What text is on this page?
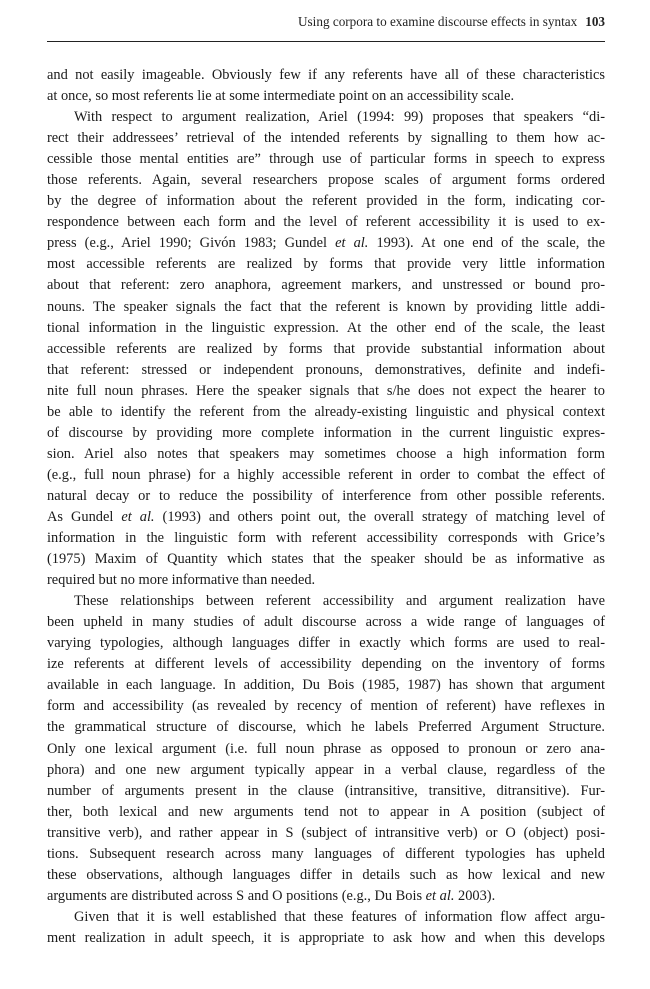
Using corpora to examine discourse effects in syntax 103
and not easily imageable. Obviously few if any referents have all of these characteristics
at once, so most referents lie at some intermediate point on an accessibility scale.
With respect to argument realization, Ariel (1994: 99) proposes that speakers “di-
rect their addressees’ retrieval of the intended referents by signalling to them how ac-
cessible those mental entities are” through use of particular forms in speech to express
those referents. Again, several researchers propose scales of argument forms ordered
by the degree of information about the referent provided in the form, indicating cor-
respondence between each form and the level of referent accessibility it is used to ex-
press (e.g., Ariel 1990; Givón 1983; Gundel et al. 1993). At one end of the scale, the
most accessible referents are realized by forms that provide very little information
about that referent: zero anaphora, agreement markers, and unstressed or bound pro-
nouns. The speaker signals the fact that the referent is known by providing little addi-
tional information in the linguistic expression. At the other end of the scale, the least
accessible referents are realized by forms that provide substantial information about
that referent: stressed or independent pronouns, demonstratives, definite and indefi-
nite full noun phrases. Here the speaker signals that s/he does not expect the hearer to
be able to identify the referent from the already-existing linguistic and physical context
of discourse by providing more complete information in the current linguistic expres-
sion. Ariel also notes that speakers may sometimes choose a high information form
(e.g., full noun phrase) for a highly accessible referent in order to combat the effect of
natural decay or to reduce the possibility of interference from other possible referents.
As Gundel et al. (1993) and others point out, the overall strategy of matching level of
information in the linguistic form with referent accessibility corresponds with Grice’s
(1975) Maxim of Quantity which states that the speaker should be as informative as
required but no more informative than needed.
These relationships between referent accessibility and argument realization have
been upheld in many studies of adult discourse across a wide range of languages of
varying typologies, although languages differ in exactly which forms are used to real-
ize referents at different levels of accessibility depending on the inventory of forms
available in each language. In addition, Du Bois (1985, 1987) has shown that argument
form and accessibility (as revealed by recency of mention of referent) have reflexes in
the grammatical structure of discourse, which he labels Preferred Argument Structure.
Only one lexical argument (i.e. full noun phrase as opposed to pronoun or zero ana-
phora) and one new argument typically appear in a verbal clause, regardless of the
number of arguments present in the clause (intransitive, transitive, ditransitive). Fur-
ther, both lexical and new arguments tend not to appear in A position (subject of
transitive verb), and rather appear in S (subject of intransitive verb) or O (object) posi-
tions. Subsequent research across many languages of different typologies has upheld
these observations, although languages differ in details such as how lexical and new
arguments are distributed across S and O positions (e.g., Du Bois et al. 2003).
Given that it is well established that these features of information flow affect argu-
ment realization in adult speech, it is appropriate to ask how and when this develops
